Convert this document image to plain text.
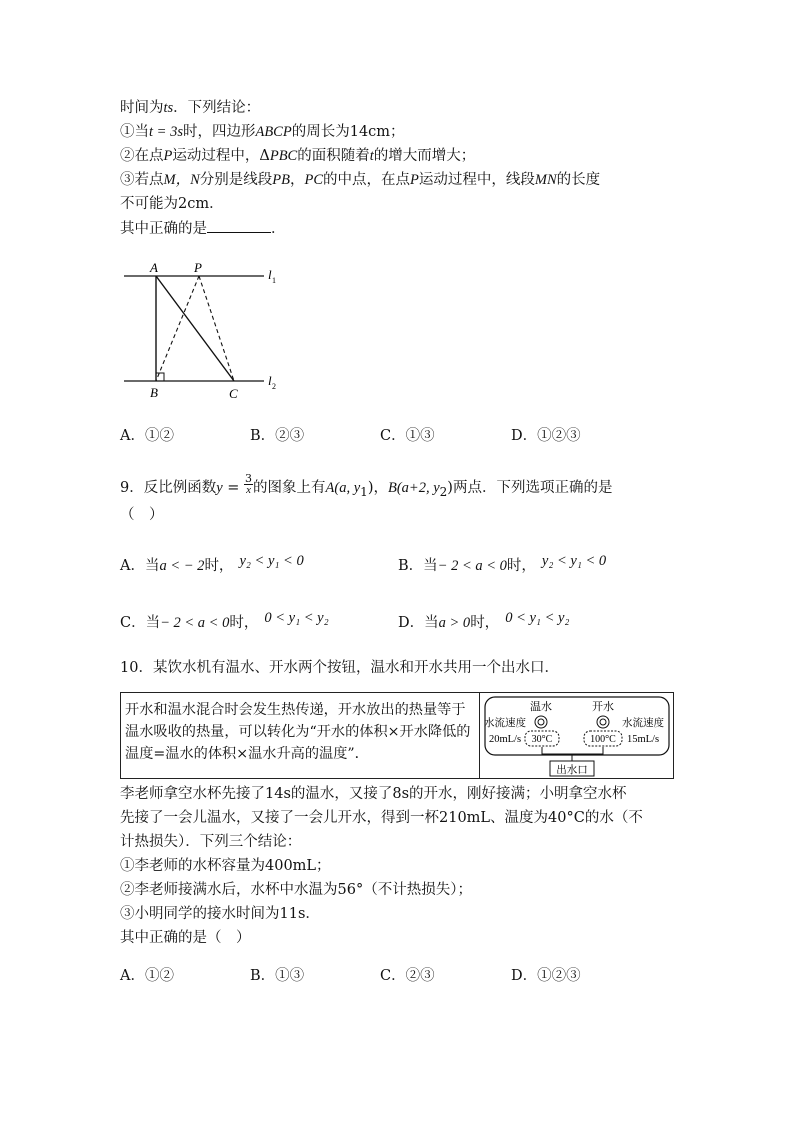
时间为ts．下列结论：
①当t = 3s时，四边形ABCP的周长为14cm；
②在点P运动过程中，ΔPBC的面积随着t的增大而增大；
③若点M，N分别是线段PB，PC的中点，在点P运动过程中，线段MN的长度
不可能为2cm．
其中正确的是	．
A	P
B	C
l 1
l 2
A．①②	B．②③	C．①③	D．①②③
9．反比例函数$y = \frac{3}{x}$ 的图象上有A(a, $y_1$)，B(a+2, $y_2$)两点．下列选项正确的是
（　）
A．当a < − 2时， y₂ < y₁ < 0	B．当− 2 < a < 0时， y₂ < y₁ < 0
C．当− 2 < a < 0时， 0 < y₁ < y₂	D．当a > 0时， 0 < y₁ < y₂
10．某饮水机有温水、开水两个按钮，温水和开水共用一个出水口．
开水和温水混合时会发生热传递，开水放出的热量等于温水吸收的热量，可以转化为“开水的体积×开水降低的温度=温水的体积×温水升高的温度”．
温水	开水
水流速度
20mL/s
水流速度
15mL/s
30°C	100°C
出水口
李老师拿空水杯先接了14s的温水，又接了8s的开水，刚好接满；小明拿空水杯
先接了一会儿温水，又接了一会儿开水，得到一杯210mL、温度为40°C的水（不
计热损失）．下列三个结论：
①李老师的水杯容量为400mL；
②李老师接满水后，水杯中水温为56°（不计热损失）；
③小明同学的接水时间为11s．
其中正确的是（　）
A．①②	B．①③	C．②③	D．①②③
